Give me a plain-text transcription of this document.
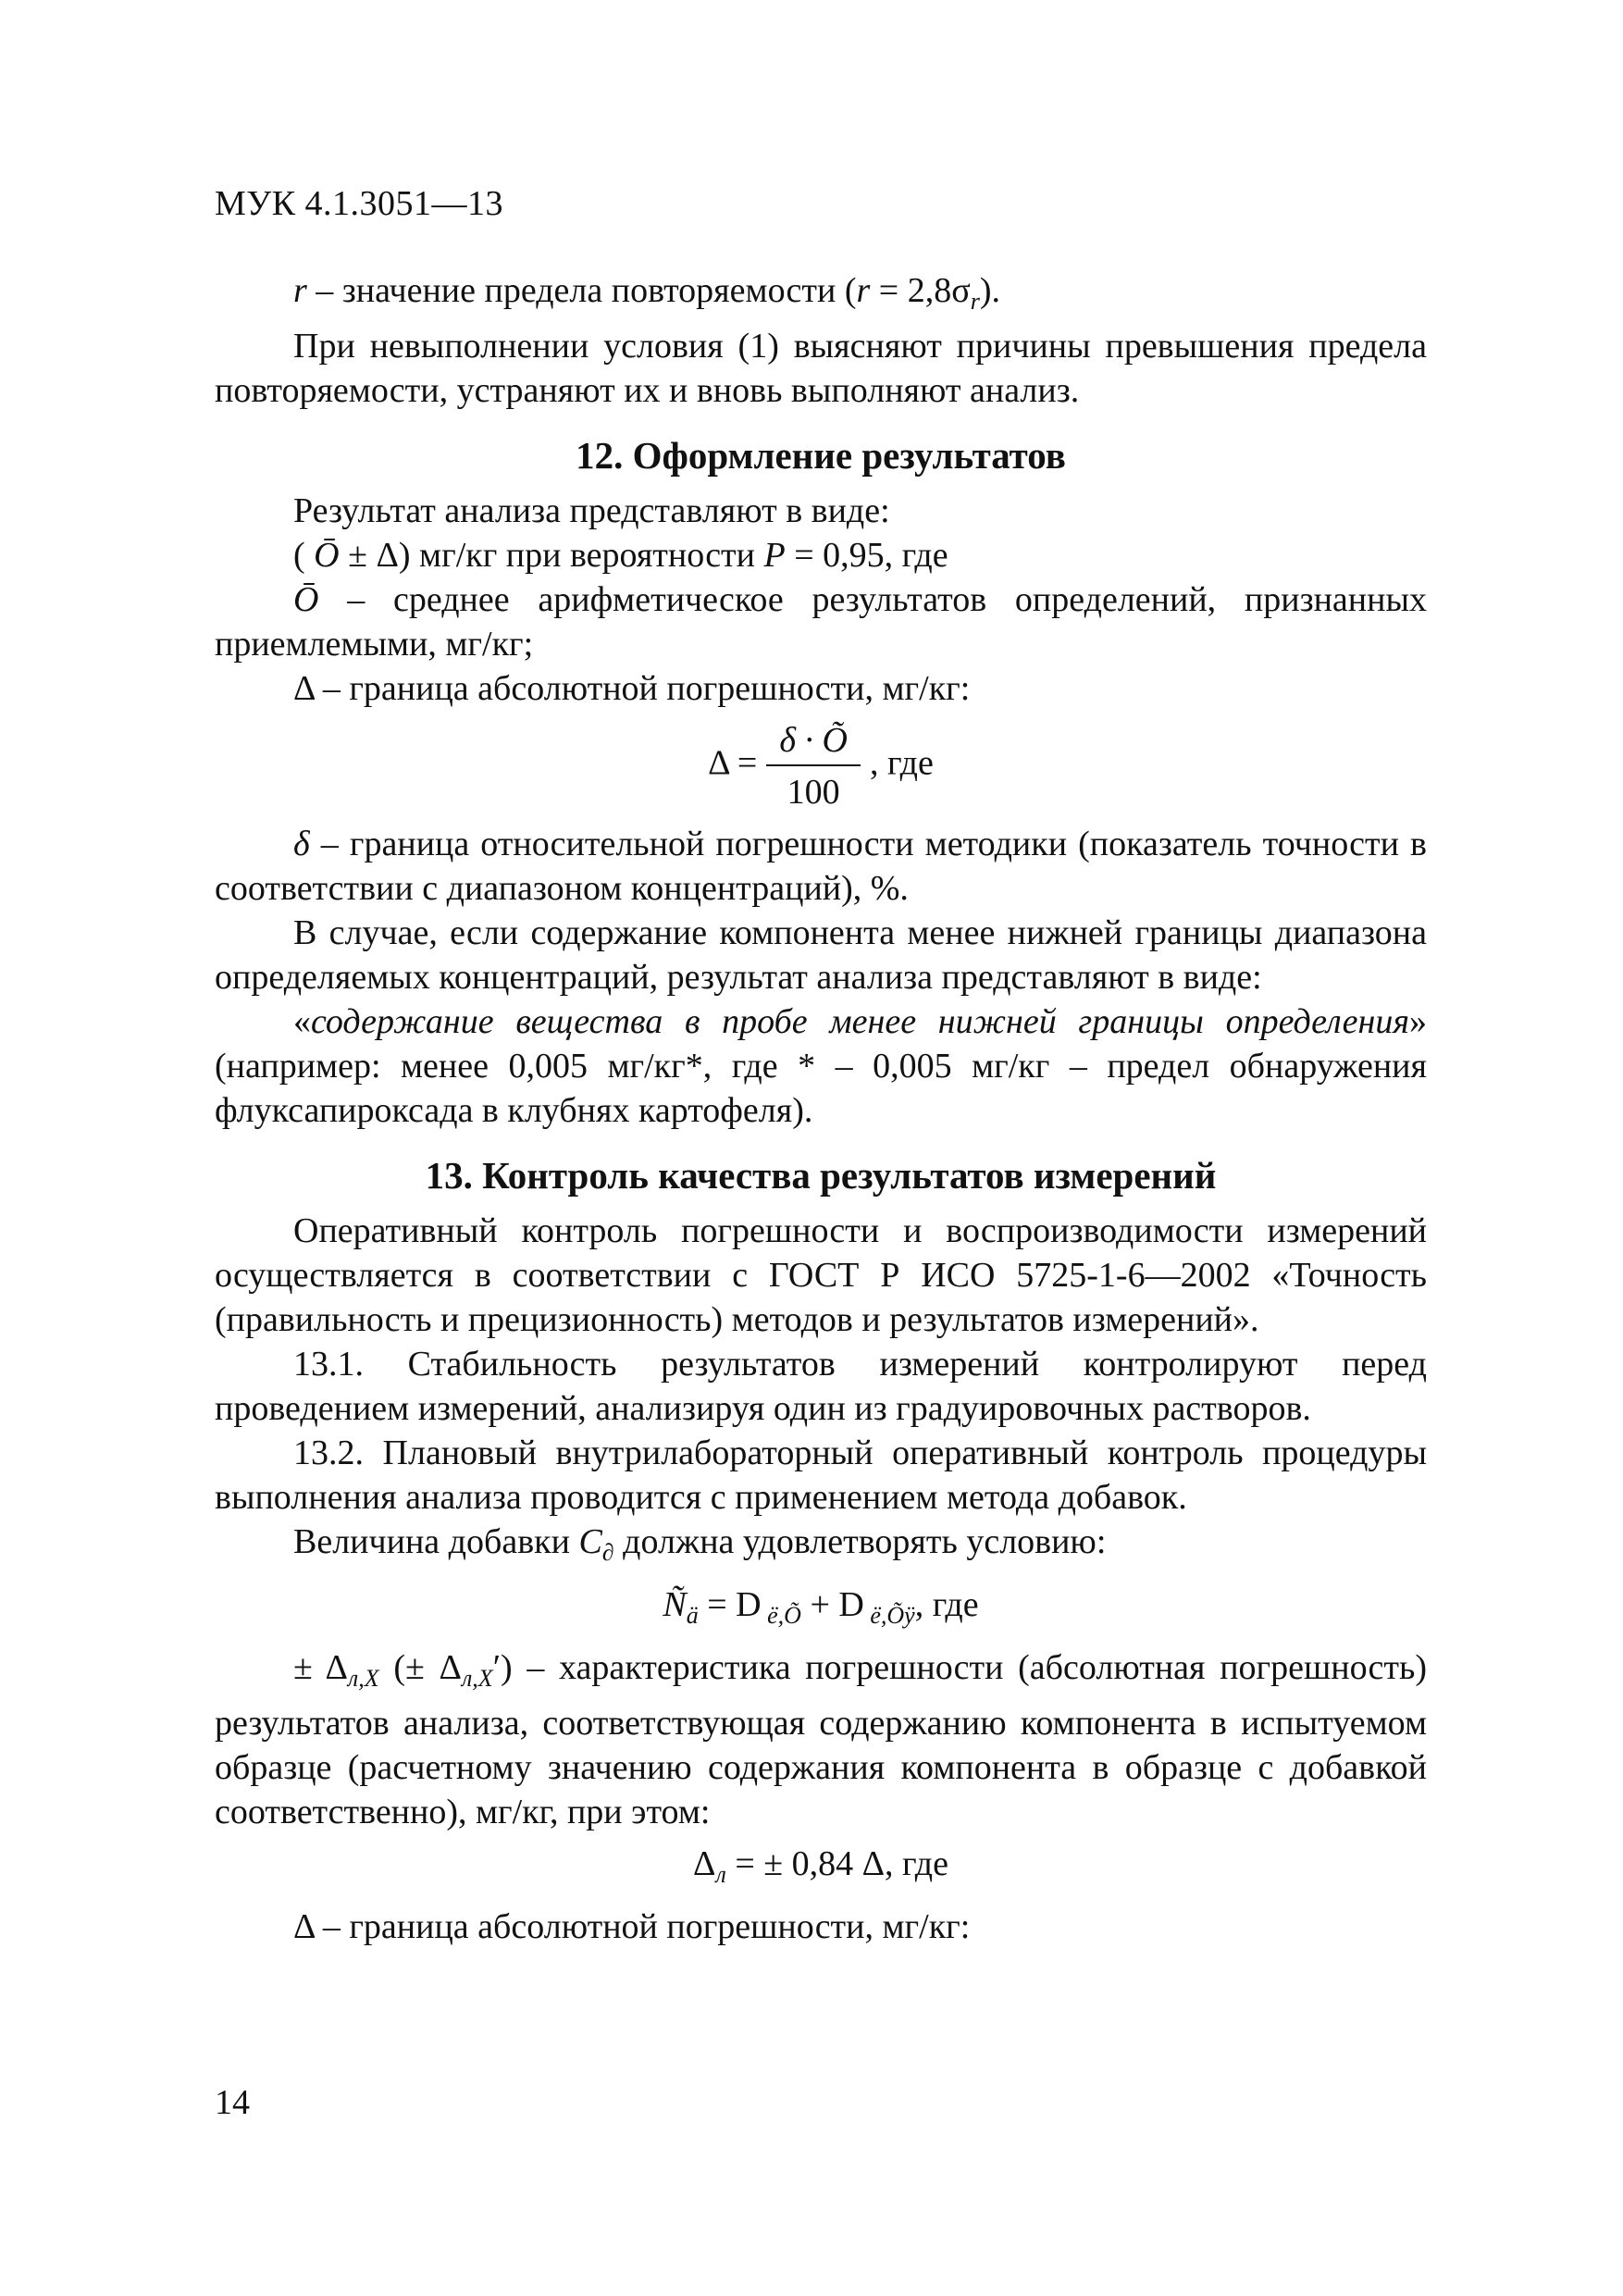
МУК 4.1.3051—13

r – значение предела повторяемости $(r = 2,8\sigma_r)$.

При невыполнении условия (1) выясняют причины превышения предела повторяемости, устраняют их и вновь выполняют анализ.

12. Оформление результатов

Результат анализа представляют в виде:

( Ō ± Δ) мг/кг при вероятности P = 0,95, где

Ō – среднее арифметическое результатов определений, признанных приемлемыми, мг/кг;

Δ – граница абсолютной погрешности, мг/кг:

$\Delta = \frac{\delta \cdot Õ}{100}$ , где

δ – граница относительной погрешности методики (показатель точности в соответствии с диапазоном концентраций), %.

В случае, если содержание компонента менее нижней границы диапазона определяемых концентраций, результат анализа представляют в виде:

«содержание вещества в пробе менее нижней границы определения» (например: менее 0,005 мг/кг*, где * – 0,005 мг/кг – предел обнаружения флуксапироксада в клубнях картофеля).

13. Контроль качества результатов измерений

Оперативный контроль погрешности и воспроизводимости измерений осуществляется в соответствии с ГОСТ Р ИСО 5725-1-6—2002 «Точность (правильность и прецизионность) методов и результатов измерений».

13.1. Стабильность результатов измерений контролируют перед проведением измерений, анализируя один из градуировочных растворов.

13.2. Плановый внутрилабораторный оперативный контроль процедуры выполнения анализа проводится с применением метода добавок.

Величина добавки $C_\partial$ должна удовлетворять условию:

$Ñ_ä = D$ $_{ë,Õ}$ + D $_{ë,Õÿ}$, где

± $\Delta_{л,X}$ (± $\Delta_{л,X}'$) – характеристика погрешности (абсолютная погрешность) результатов анализа, соответствующая содержанию компонента в испытуемом образце (расчетному значению содержания компонента в образце с добавкой соответственно), мг/кг, при этом:

$\Delta_л$ = ± 0,84 Δ, где

Δ – граница абсолютной погрешности, мг/кг:

14
